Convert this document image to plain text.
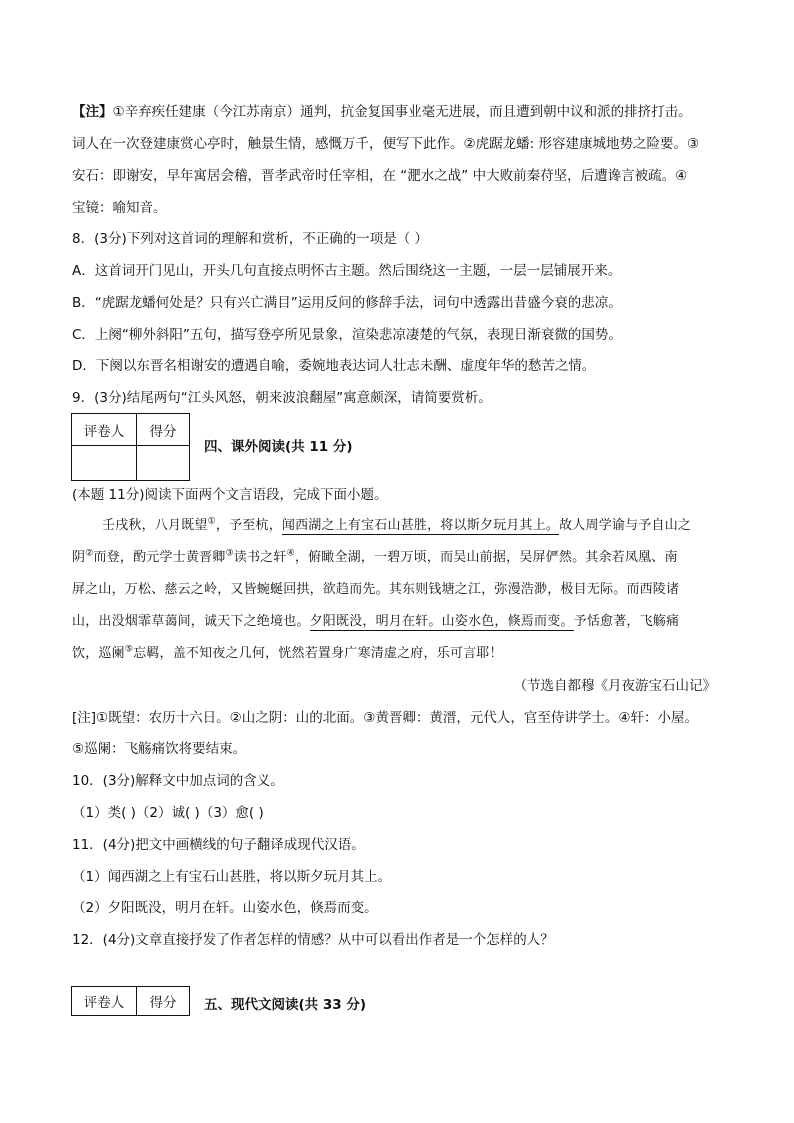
【注】①辛弃疾任建康（今江苏南京）通判，抗金复国事业毫无进展，而且遭到朝中议和派的排挤打击。
词人在一次登建康赏心亭时，触景生情，感慨万千，便写下此作。②虎踞龙蟠: 形容建康城地势之险要。③
安石：即谢安，早年寓居会稽，晋孝武帝时任宰相，在 “淝水之战” 中大败前秦苻坚，后遭谗言被疏。④
宝镜：喻知音。
8．(3分)下列对这首词的理解和赏析，不正确的一项是（ ）
A．这首词开门见山，开头几句直接点明怀古主题。然后围绕这一主题，一层一层铺展开来。
B．“虎踞龙蟠何处是？只有兴亡满目”运用反问的修辞手法，词句中透露出昔盛今衰的悲凉。
C．上阕“柳外斜阳”五句，描写登亭所见景象，渲染悲凉凄楚的气氛，表现日渐衰微的国势。
D．下阕以东晋名相谢安的遭遇自喻，委婉地表达词人壮志未酬、虚度年华的愁苦之情。
9．(3分)结尾两句“江头风怒，朝来波浪翻屋”寓意颇深，请简要赏析。
评卷人	得分

四、课外阅读(共 11 分)
(本题 11分)阅读下面两个文言语段，完成下面小题。
壬戌秋，八月既望①，予至杭，闻西湖之上有宝石山甚胜，将以斯夕玩月其上。故人周学谕与予自山之
阴②而登，酌元学士黄晋卿③读书之轩④，俯瞰全湖，一碧万顷，而吴山前据，吴屏俨然。其余若凤凰、南
屏之山，万松、慈云之岭，又皆蜿蜒回拱，欲趋而先。其东则钱塘之江，弥漫浩渺，极目无际。而西陵诸
山，出没烟霏草蔼间，诚天下之绝境也。夕阳既没，明月在轩。山姿水色，倏焉而变。予恬愈著，飞觞痛
饮，巡阑⑤忘羁，盖不知夜之几何，恍然若置身广寒清虚之府，乐可言耶！
（节选自都穆《月夜游宝石山记》
[注]①既望：农历十六日。②山之阴：山的北面。③黄晋卿：黄溍，元代人，官至侍讲学士。④轩：小屋。
⑤巡阑：飞觞痛饮将要结束。
10．(3分)解释文中加点词的含义。
（1）类( )（2）诚( )（3）愈( )
11．(4分)把文中画横线的句子翻译成现代汉语。
（1）闻西湖之上有宝石山甚胜，将以斯夕玩月其上。
（2）夕阳既没，明月在轩。山姿水色，倏焉而变。
12．(4分)文章直接抒发了作者怎样的情感？从中可以看出作者是一个怎样的人？
评卷人	得分 五、现代文阅读(共 33 分)
